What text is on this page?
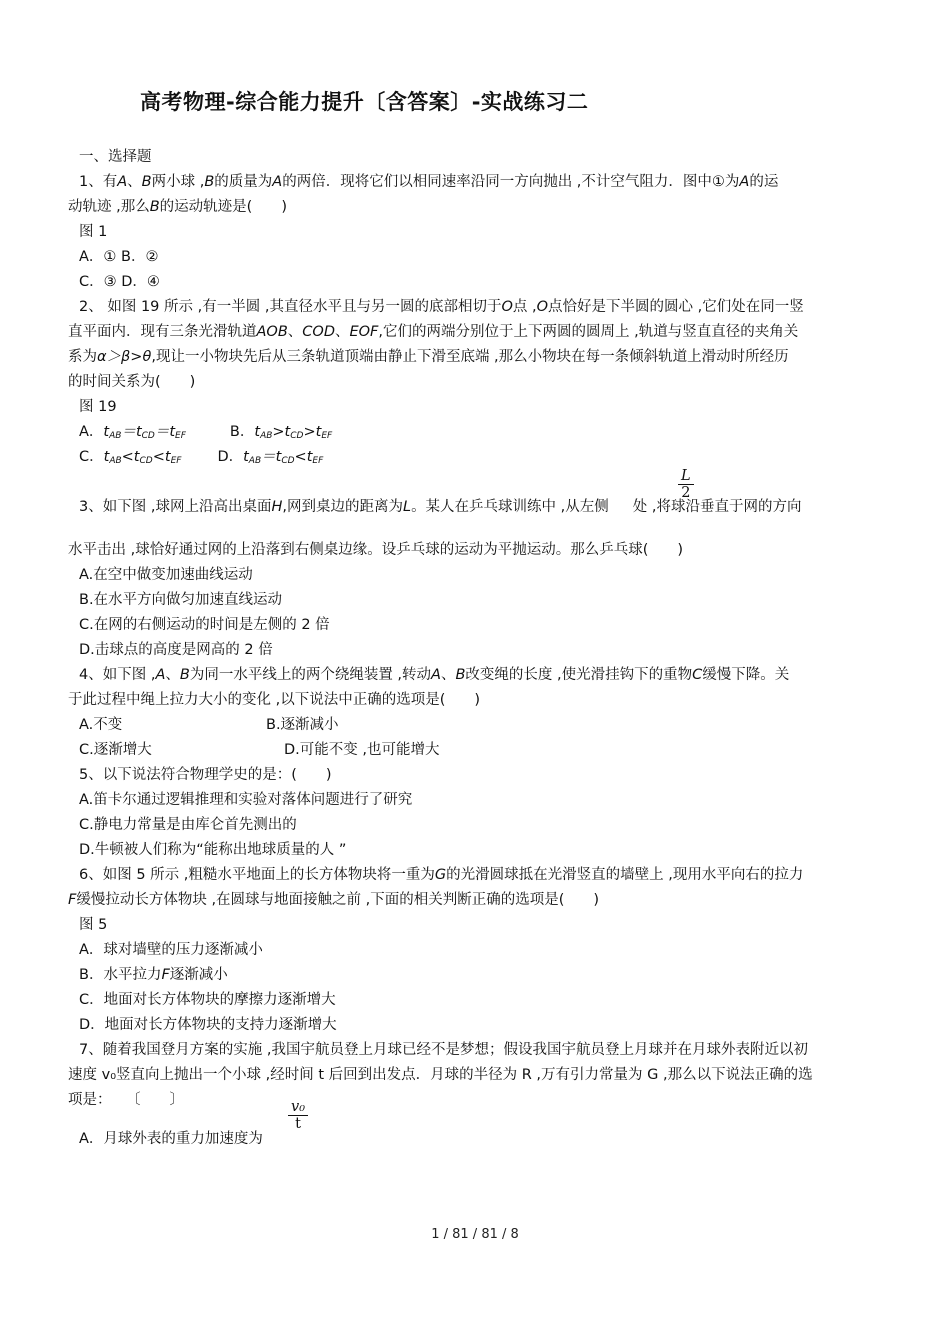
高考物理-综合能力提升〔含答案〕-实战练习二
一、选择题
1、有A、B两小球 ,B的质量为A的两倍．现将它们以相同速率沿同一方向抛出 ,不计空气阻力．图中①为A的运
动轨迹 ,那么B的运动轨迹是(　　)
图 1
A．① B．②
C．③ D．④
2、 如图 19 所示 ,有一半圆 ,其直径水平且与另一圆的底部相切于O点 ,O点恰好是下半圆的圆心 ,它们处在同一竖
直平面内．现有三条光滑轨道AOB、COD、EOF,它们的两端分别位于上下两圆的圆周上 ,轨道与竖直直径的夹角关
系为α＞β>θ,现让一小物块先后从三条轨道顶端由静止下滑至底端 ,那么小物块在每一条倾斜轨道上滑动时所经历
的时间关系为(　　)
图 19
A．$t_{AB}=t_{CD}=t_{EF}$	B．$t_{AB}>t_{CD}>t_{EF}$
C．$t_{AB}<t_{CD}<t_{EF}$ D．$t_{AB}=t_{CD}<t_{EF}$
$\frac{L}{2}$
3、如下图 ,球网上沿高出桌面H,网到桌边的距离为L。某人在乒乓球训练中 ,从左侧 处 ,将球沿垂直于网的方向
水平击出 ,球恰好通过网的上沿落到右侧桌边缘。设乒乓球的运动为平抛运动。那么乒乓球(　　)
A.在空中做变加速曲线运动
B.在水平方向做匀加速直线运动
C.在网的右侧运动的时间是左侧的 2 倍
D.击球点的高度是网高的 2 倍
4、如下图 ,A、B为同一水平线上的两个绕绳装置 ,转动A、B改变绳的长度 ,使光滑挂钩下的重物C缓慢下降。关
于此过程中绳上拉力大小的变化 ,以下说法中正确的选项是(　　)
A.不变	B.逐渐减小
C.逐渐增大	D.可能不变 ,也可能增大
5、以下说法符合物理学史的是：(　　)
A.笛卡尔通过逻辑推理和实验对落体问题进行了研究
C.静电力常量是由库仑首先测出的
D.牛顿被人们称为“能称出地球质量的人 ”
6、如图 5 所示 ,粗糙水平地面上的长方体物块将一重为G的光滑圆球抵在光滑竖直的墙壁上 ,现用水平向右的拉力
F缓慢拉动长方体物块 ,在圆球与地面接触之前 ,下面的相关判断正确的选项是(　　)
图 5
A．球对墙壁的压力逐渐减小
B．水平拉力F逐渐减小
C．地面对长方体物块的摩擦力逐渐增大
D．地面对长方体物块的支持力逐渐增大
7、随着我国登月方案的实施 ,我国宇航员登上月球已经不是梦想；假设我国宇航员登上月球并在月球外表附近以初
速度 v₀竖直向上抛出一个小球 ,经时间 t 后回到出发点．月球的半径为 R ,万有引力常量为 G ,那么以下说法正确的选
项是：　　〔　　〕
A．月球外表的重力加速度为
$\frac{\text{v₀}}{t}$
1 / 81 / 81 / 8
